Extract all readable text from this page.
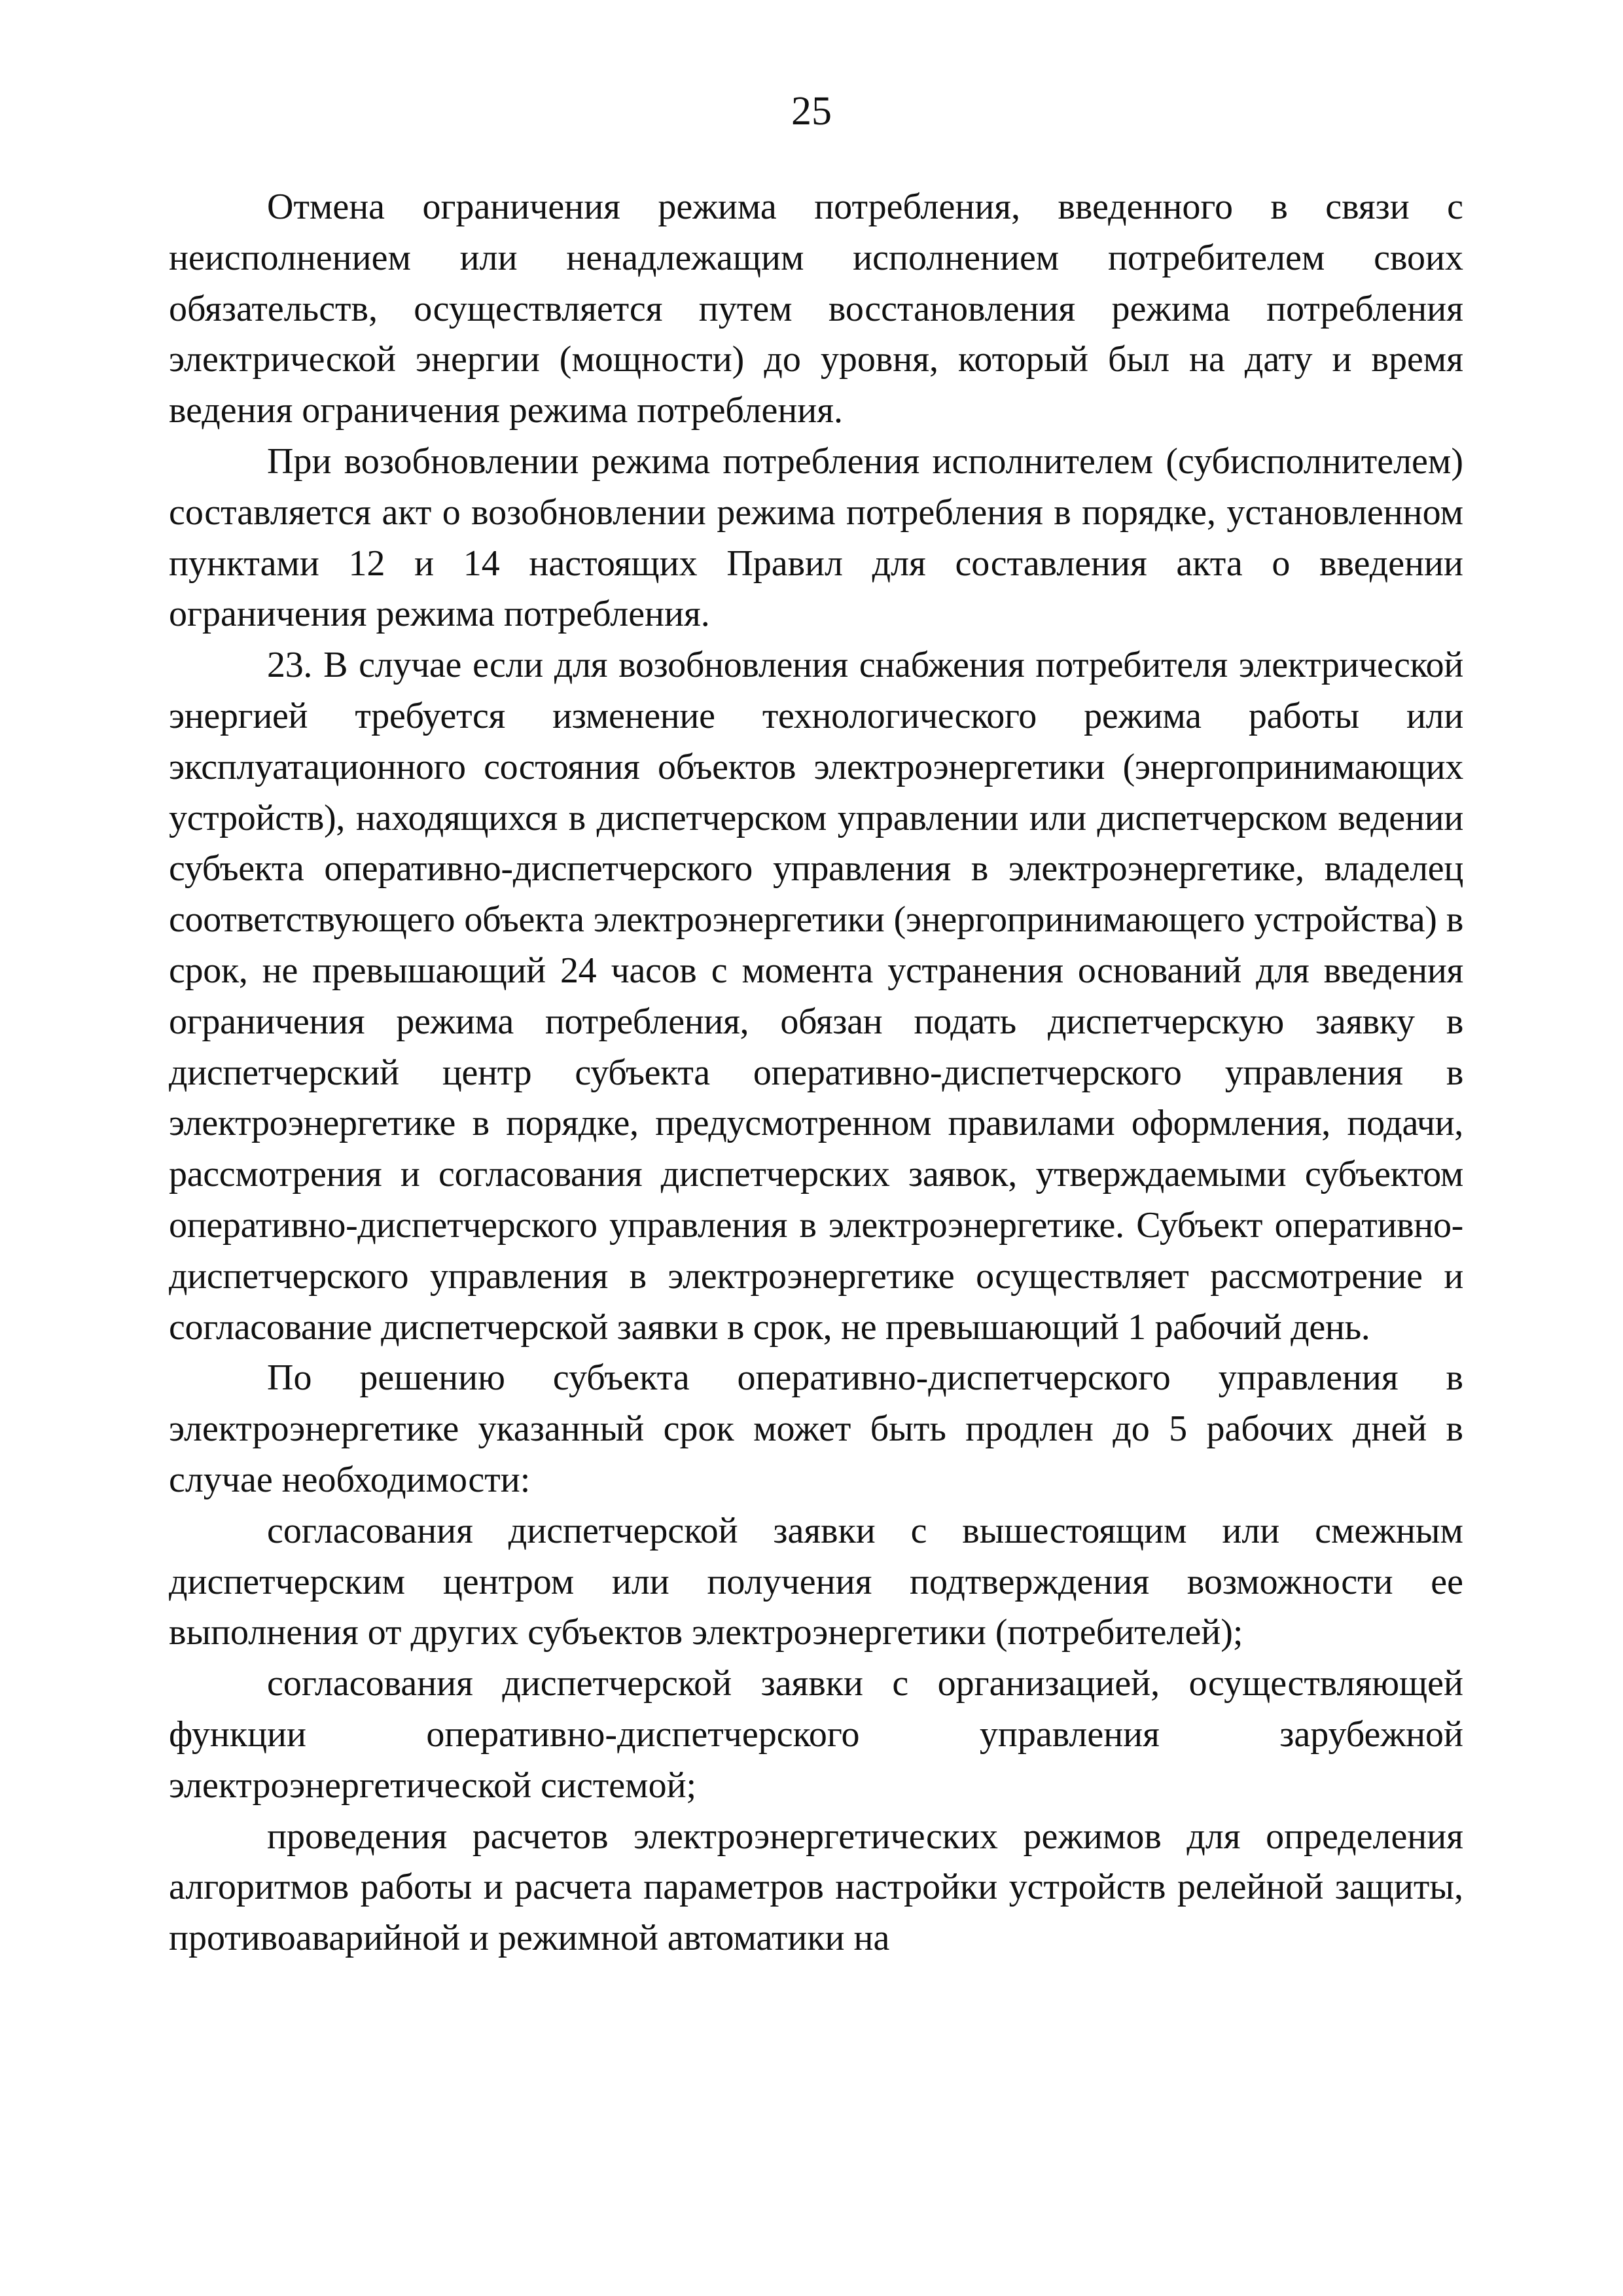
25

Отмена ограничения режима потребления, введенного в связи с неисполнением или ненадлежащим исполнением потребителем своих обязательств, осуществляется путем восстановления режима потребления электрической энергии (мощности) до уровня, который был на дату и время ведения ограничения режима потребления.

При возобновлении режима потребления исполнителем (субисполнителем) составляется акт о возобновлении режима потребления в порядке, установленном пунктами 12 и 14 настоящих Правил для составления акта о введении ограничения режима потребления.

23. В случае если для возобновления снабжения потребителя электрической энергией требуется изменение технологического режима работы или эксплуатационного состояния объектов электроэнергетики (энергопринимающих устройств), находящихся в диспетчерском управлении или диспетчерском ведении субъекта оперативно-диспетчерского управления в электроэнергетике, владелец соответствующего объекта электроэнергетики (энергопринимающего устройства) в срок, не превышающий 24 часов с момента устранения оснований для введения ограничения режима потребления, обязан подать диспетчерскую заявку в диспетчерский центр субъекта оперативно-диспетчерского управления в электроэнергетике в порядке, предусмотренном правилами оформления, подачи, рассмотрения и согласования диспетчерских заявок, утверждаемыми субъектом оперативно-диспетчерского управления в электроэнергетике. Субъект оперативно-диспетчерского управления в электроэнергетике осуществляет рассмотрение и согласование диспетчерской заявки в срок, не превышающий 1 рабочий день.

По решению субъекта оперативно-диспетчерского управления в электроэнергетике указанный срок может быть продлен до 5 рабочих дней в случае необходимости:

согласования диспетчерской заявки с вышестоящим или смежным диспетчерским центром или получения подтверждения возможности ее выполнения от других субъектов электроэнергетики (потребителей);

согласования диспетчерской заявки с организацией, осуществляющей функции оперативно-диспетчерского управления зарубежной электроэнергетической системой;

проведения расчетов электроэнергетических режимов для определения алгоритмов работы и расчета параметров настройки устройств релейной защиты, противоаварийной и режимной автоматики на
